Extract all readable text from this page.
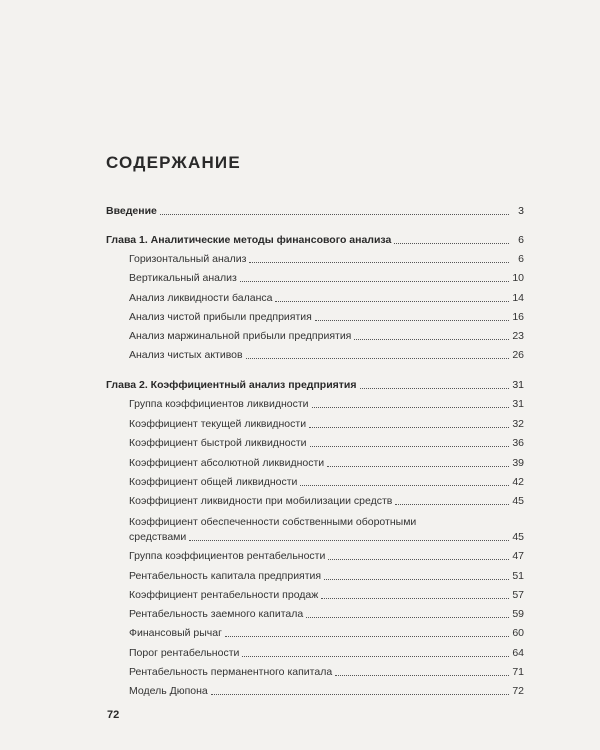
СОДЕРЖАНИЕ
Введение	3
Глава 1. Аналитические методы финансового анализа	6
Горизонтальный анализ	6
Вертикальный анализ	10
Анализ ликвидности баланса	14
Анализ чистой прибыли предприятия	16
Анализ маржинальной прибыли предприятия	23
Анализ чистых активов	26
Глава 2. Коэффициентный анализ предприятия	31
Группа коэффициентов ликвидности	31
Коэффициент текущей ликвидности	32
Коэффициент быстрой ликвидности	36
Коэффициент абсолютной ликвидности	39
Коэффициент общей ликвидности	42
Коэффициент ликвидности при мобилизации средств	45
Коэффициент обеспеченности собственными оборотными
средствами	45
Группа коэффициентов рентабельности	47
Рентабельность капитала предприятия	51
Коэффициент рентабельности продаж	57
Рентабельность заемного капитала	59
Финансовый рычаг	60
Порог рентабельности	64
Рентабельность перманентного капитала	71
Модель Дюпона	72
72
